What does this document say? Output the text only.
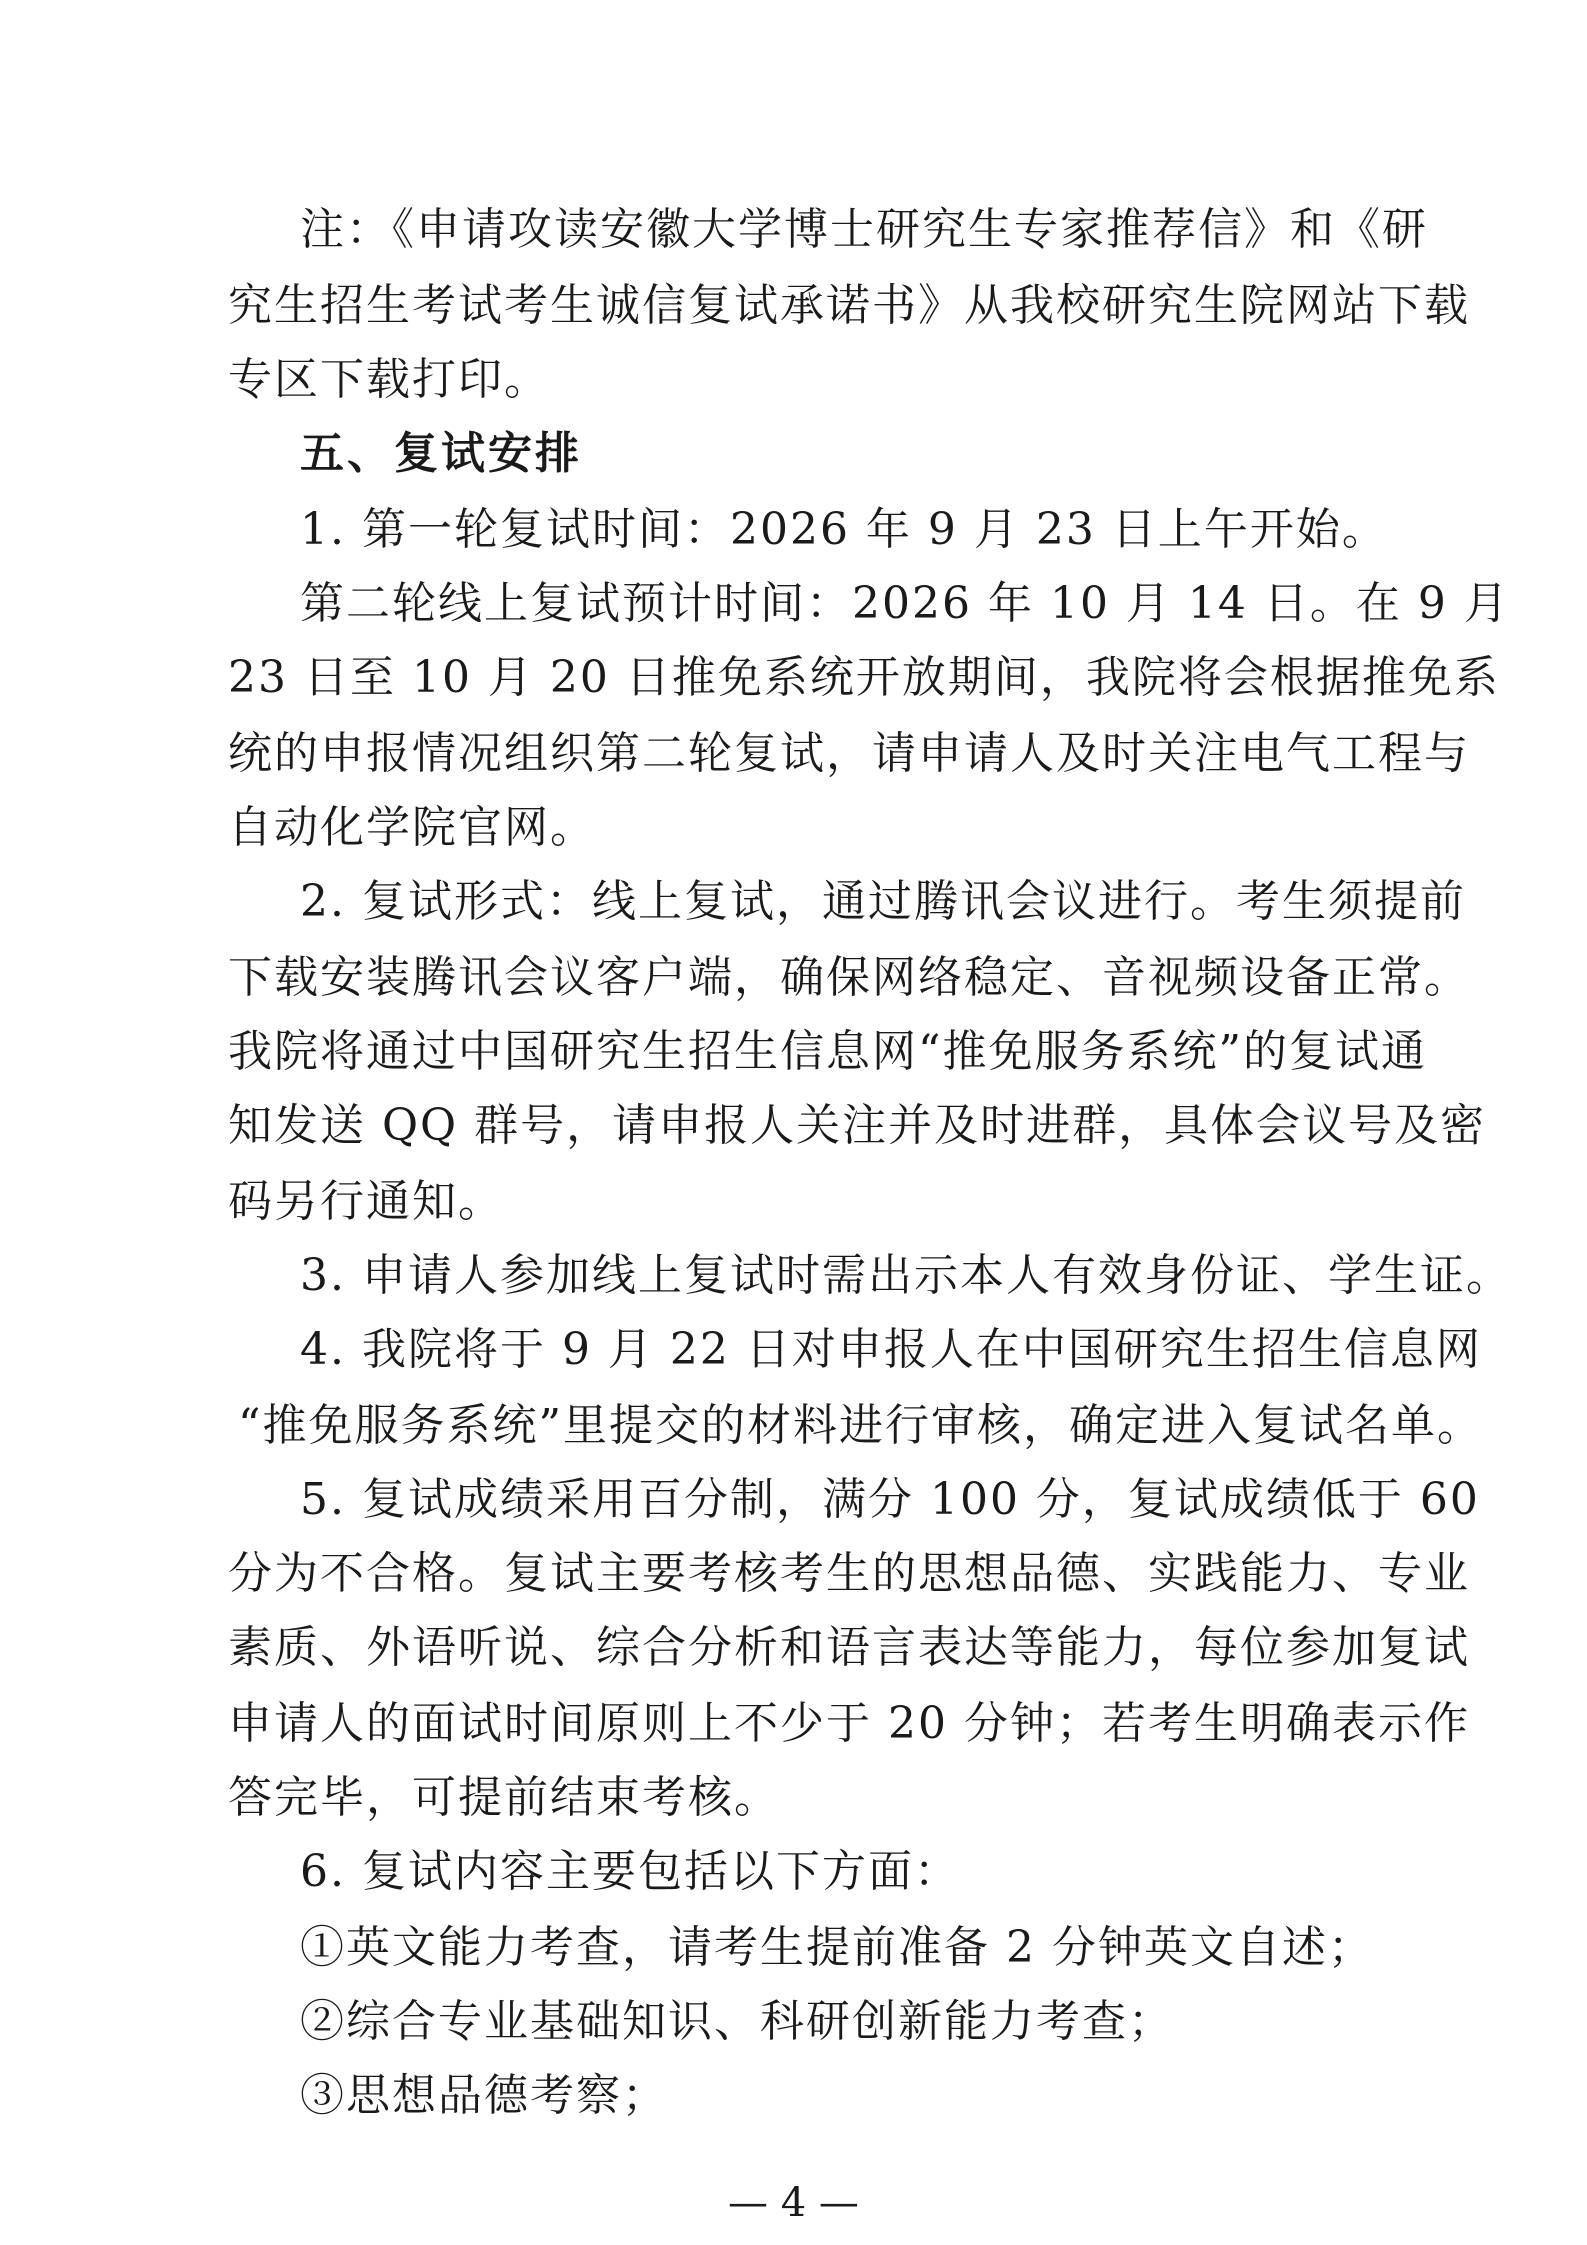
注：《申请攻读安徽大学博士研究生专家推荐信》和《研
究生招生考试考生诚信复试承诺书》从我校研究生院网站下载
专区下载打印。
五、复试安排
1. 第一轮复试时间：2026 年 9 月 23 日上午开始。
第二轮线上复试预计时间：2026 年 10 月 14 日。在 9 月
23 日至 10 月 20 日推免系统开放期间，我院将会根据推免系
统的申报情况组织第二轮复试，请申请人及时关注电气工程与
自动化学院官网。
2. 复试形式：线上复试，通过腾讯会议进行。考生须提前
下载安装腾讯会议客户端，确保网络稳定、音视频设备正常。
我院将通过中国研究生招生信息网“推免服务系统”的复试通
知发送 QQ 群号，请申报人关注并及时进群，具体会议号及密
码另行通知。
3. 申请人参加线上复试时需出示本人有效身份证、学生证。
4. 我院将于 9 月 22 日对申报人在中国研究生招生信息网
“推免服务系统”里提交的材料进行审核，确定进入复试名单。
5. 复试成绩采用百分制，满分 100 分，复试成绩低于 60
分为不合格。复试主要考核考生的思想品德、实践能力、专业
素质、外语听说、综合分析和语言表达等能力，每位参加复试
申请人的面试时间原则上不少于 20 分钟；若考生明确表示作
答完毕，可提前结束考核。
6. 复试内容主要包括以下方面：
①英文能力考查，请考生提前准备 2 分钟英文自述；
②综合专业基础知识、科研创新能力考查；
③思想品德考察；
— 4 —
